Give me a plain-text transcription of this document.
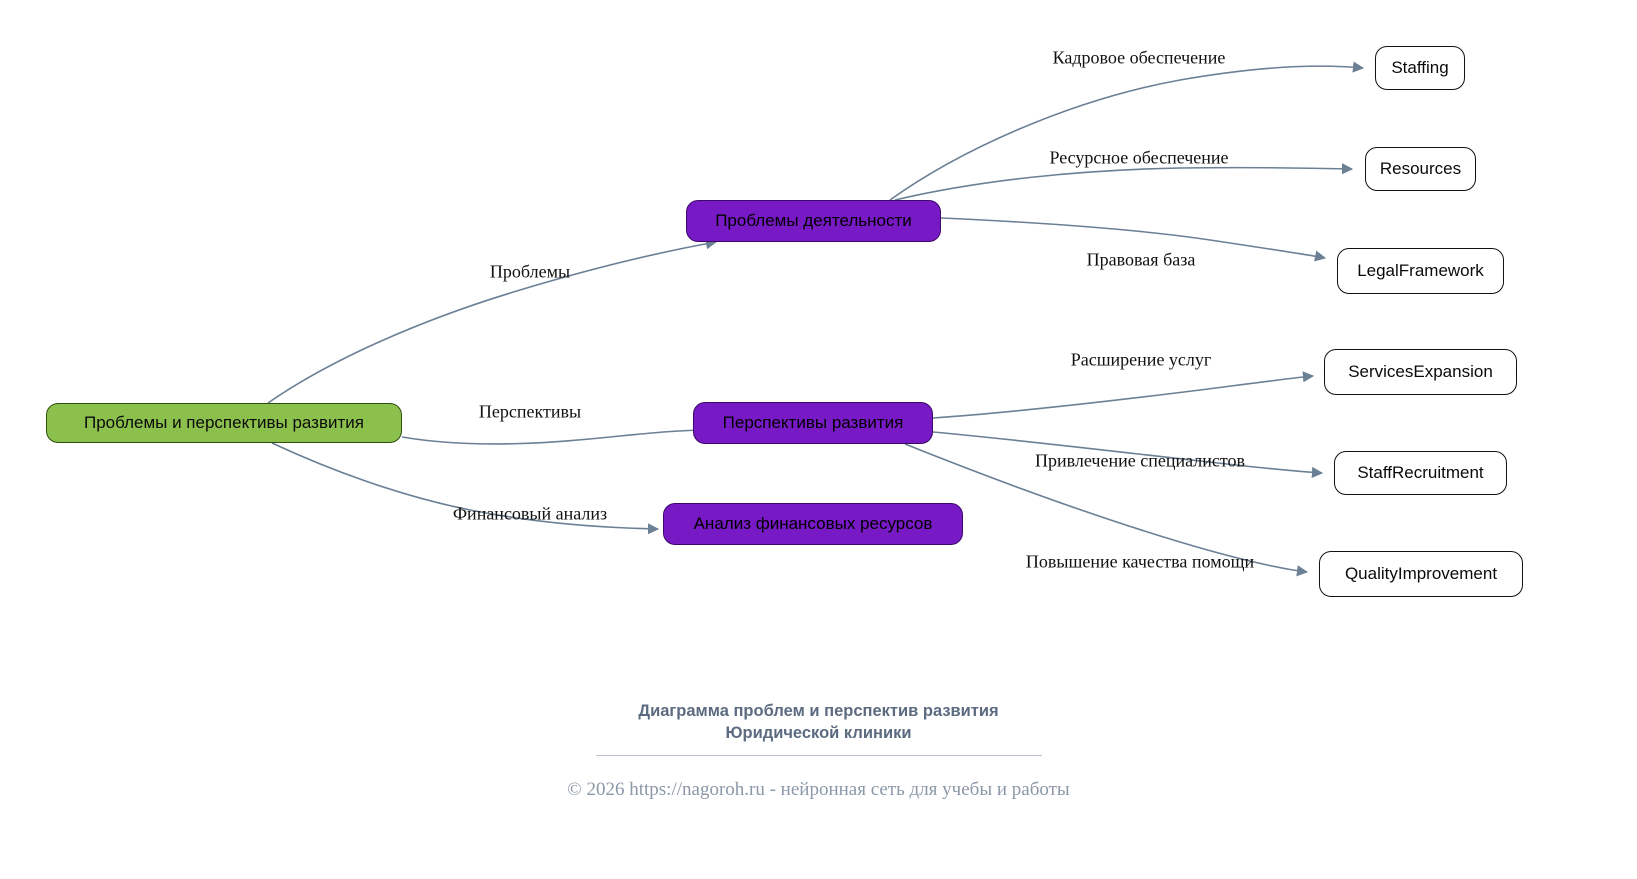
Проблемы и перспективы развития
Проблемы деятельности
Перспективы развития
Анализ финансовых ресурсов
Staffing
Resources
LegalFramework
ServicesExpansion
StaffRecruitment
QualityImprovement
Проблемы
Перспективы
Финансовый анализ
Кадровое обеспечение
Ресурсное обеспечение
Правовая база
Расширение услуг
Привлечение специалистов
Повышение качества помощи
Диаграмма проблем и перспектив развития
Юридической клиники
© 2026 https://nagoroh.ru - нейронная сеть для учебы и работы
